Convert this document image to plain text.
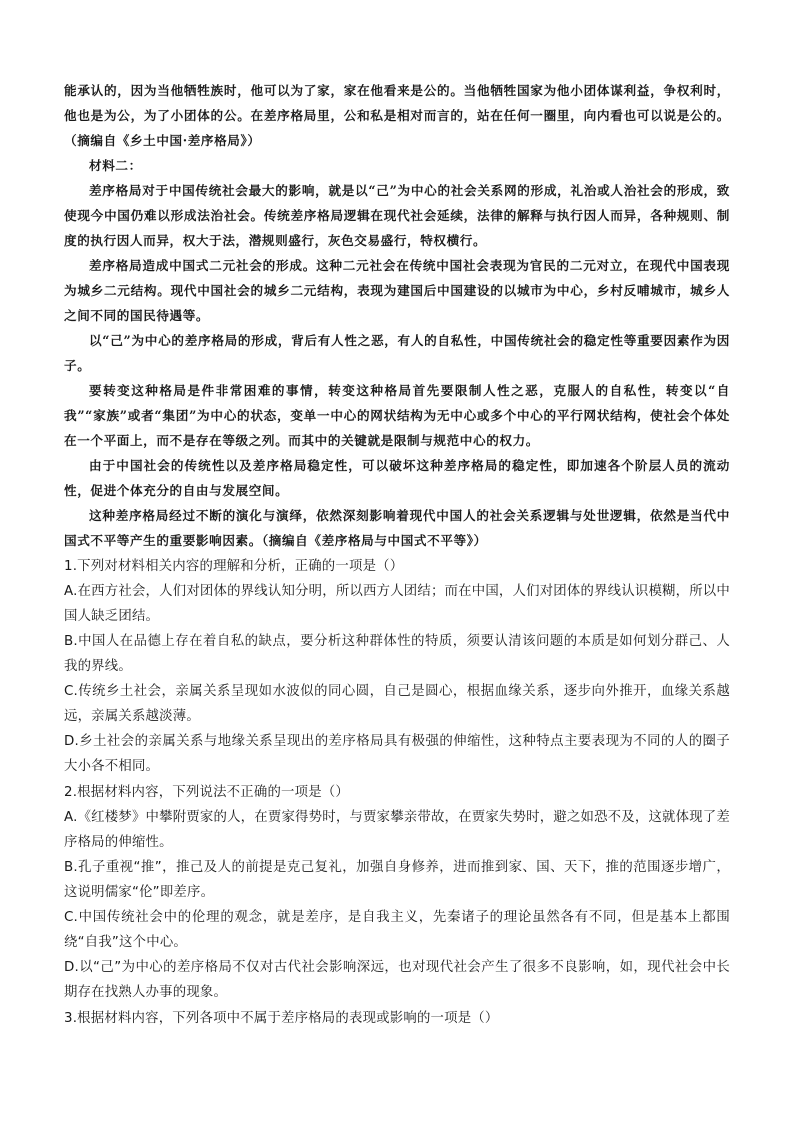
能承认的，因为当他牺牲族时，他可以为了家，家在他看来是公的。当他牺牲国家为他小团体谋利益，争权利时，他也是为公，为了小团体的公。在差序格局里，公和私是相对而言的，站在任何一圈里，向内看也可以说是公的。（摘编自《乡土中国·差序格局》）

材料二：

差序格局对于中国传统社会最大的影响，就是以“己”为中心的社会关系网的形成，礼治或人治社会的形成，致使现今中国仍难以形成法治社会。传统差序格局逻辑在现代社会延续，法律的解释与执行因人而异，各种规则、制度的执行因人而异，权大于法，潜规则盛行，灰色交易盛行，特权横行。

差序格局造成中国式二元社会的形成。这种二元社会在传统中国社会表现为官民的二元对立，在现代中国表现为城乡二元结构。现代中国社会的城乡二元结构，表现为建国后中国建设的以城市为中心，乡村反哺城市，城乡人之间不同的国民待遇等。

以“己”为中心的差序格局的形成，背后有人性之恶，有人的自私性，中国传统社会的稳定性等重要因素作为因子。

要转变这种格局是件非常困难的事情，转变这种格局首先要限制人性之恶，克服人的自私性，转变以“自我”“家族”或者“集团”为中心的状态，变单一中心的网状结构为无中心或多个中心的平行网状结构，使社会个体处在一个平面上，而不是存在等级之列。而其中的关键就是限制与规范中心的权力。

由于中国社会的传统性以及差序格局稳定性，可以破坏这种差序格局的稳定性，即加速各个阶层人员的流动性，促进个体充分的自由与发展空间。

这种差序格局经过不断的演化与演绎，依然深刻影响着现代中国人的社会关系逻辑与处世逻辑，依然是当代中国式不平等产生的重要影响因素。（摘编自《差序格局与中国式不平等》）

1.下列对材料相关内容的理解和分析，正确的一项是（）

A.在西方社会，人们对团体的界线认知分明，所以西方人团结；而在中国，人们对团体的界线认识模糊，所以中国人缺乏团结。

B.中国人在品德上存在着自私的缺点，要分析这种群体性的特质，须要认清该问题的本质是如何划分群己、人我的界线。

C.传统乡土社会，亲属关系呈现如水波似的同心圆，自己是圆心，根据血缘关系，逐步向外推开，血缘关系越远，亲属关系越淡薄。

D.乡土社会的亲属关系与地缘关系呈现出的差序格局具有极强的伸缩性，这种特点主要表现为不同的人的圈子大小各不相同。

2.根据材料内容，下列说法不正确的一项是（）

A.《红楼梦》中攀附贾家的人，在贾家得势时，与贾家攀亲带故，在贾家失势时，避之如恐不及，这就体现了差序格局的伸缩性。

B.孔子重视“推”，推己及人的前提是克己复礼，加强自身修养，进而推到家、国、天下，推的范围逐步增广，这说明儒家“伦”即差序。

C.中国传统社会中的伦理的观念，就是差序，是自我主义，先秦诸子的理论虽然各有不同，但是基本上都围绕“自我”这个中心。

D.以“己”为中心的差序格局不仅对古代社会影响深远，也对现代社会产生了很多不良影响，如，现代社会中长期存在找熟人办事的现象。

3.根据材料内容，下列各项中不属于差序格局的表现或影响的一项是（）
